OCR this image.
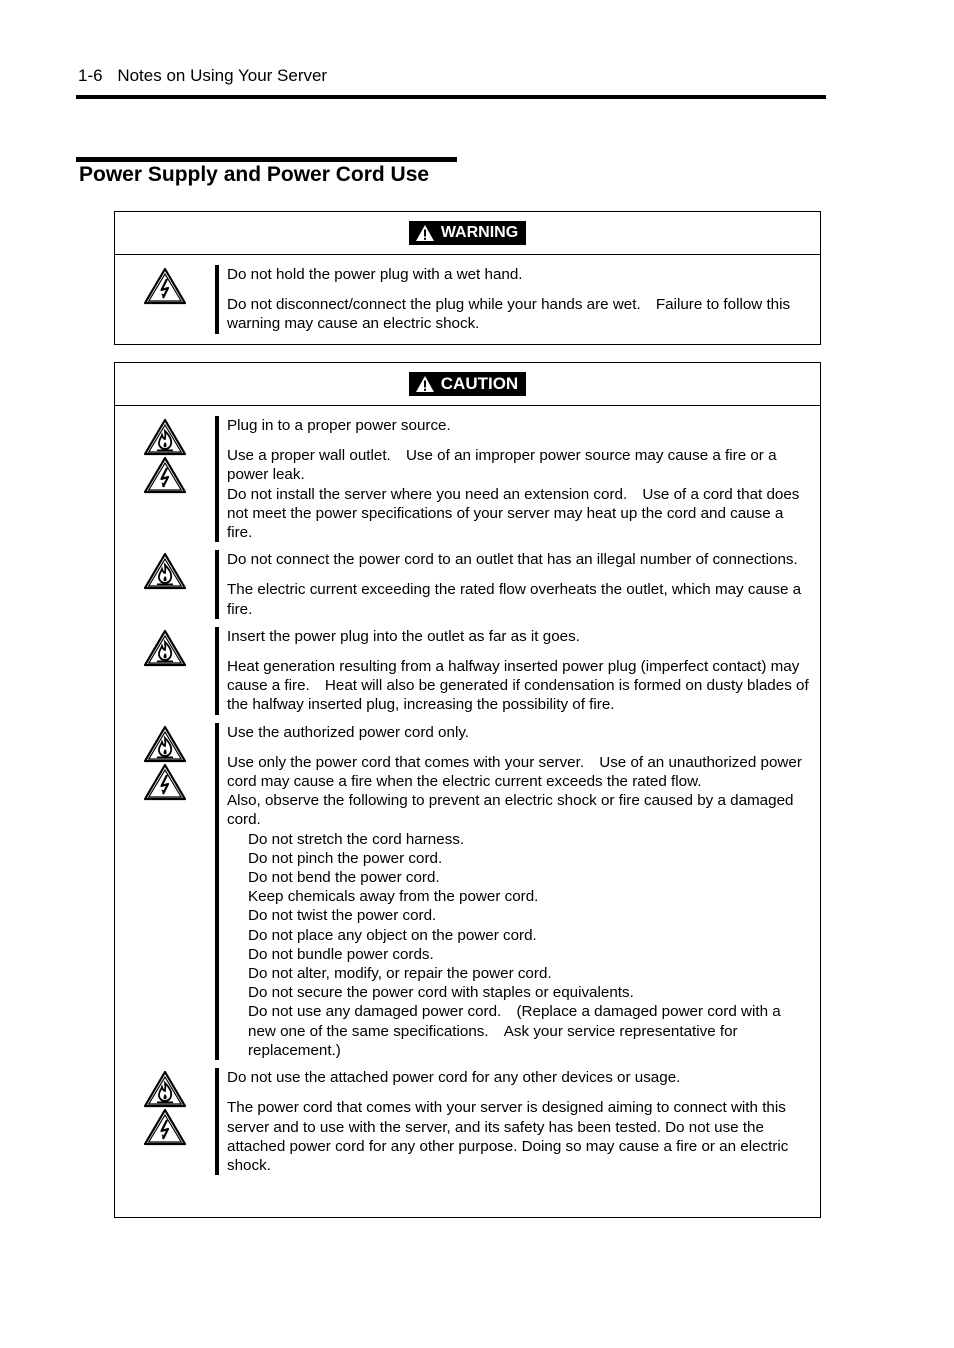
1-6 Notes on Using Your Server
Power Supply and Power Cord Use
WARNING

Do not hold the power plug with a wet hand.

Do not disconnect/connect the plug while your hands are wet.　Failure to follow this warning may cause an electric shock.

CAUTION

Plug in to a proper power source.

Use a proper wall outlet.　Use of an improper power source may cause a fire or a power leak.

Do not install the server where you need an extension cord.　Use of a cord that does not meet the power specifications of your server may heat up the cord and cause a fire.

Do not connect the power cord to an outlet that has an illegal number of connections.

The electric current exceeding the rated flow overheats the outlet, which may cause a fire.

Insert the power plug into the outlet as far as it goes.

Heat generation resulting from a halfway inserted power plug (imperfect contact) may cause a fire.　Heat will also be generated if condensation is formed on dusty blades of the halfway inserted plug, increasing the possibility of fire.

Use the authorized power cord only.

Use only the power cord that comes with your server.　Use of an unauthorized power cord may cause a fire when the electric current exceeds the rated flow.

Also, observe the following to prevent an electric shock or fire caused by a damaged cord.

Do not stretch the cord harness.

Do not pinch the power cord.

Do not bend the power cord.

Keep chemicals away from the power cord.

Do not twist the power cord.

Do not place any object on the power cord.

Do not bundle power cords.

Do not alter, modify, or repair the power cord.

Do not secure the power cord with staples or equivalents.

Do not use any damaged power cord.　(Replace a damaged power cord with a new one of the same specifications.　Ask your service representative for replacement.)

Do not use the attached power cord for any other devices or usage.

The power cord that comes with your server is designed aiming to connect with this server and to use with the server, and its safety has been tested. Do not use the attached power cord for any other purpose. Doing so may cause a fire or an electric shock.
